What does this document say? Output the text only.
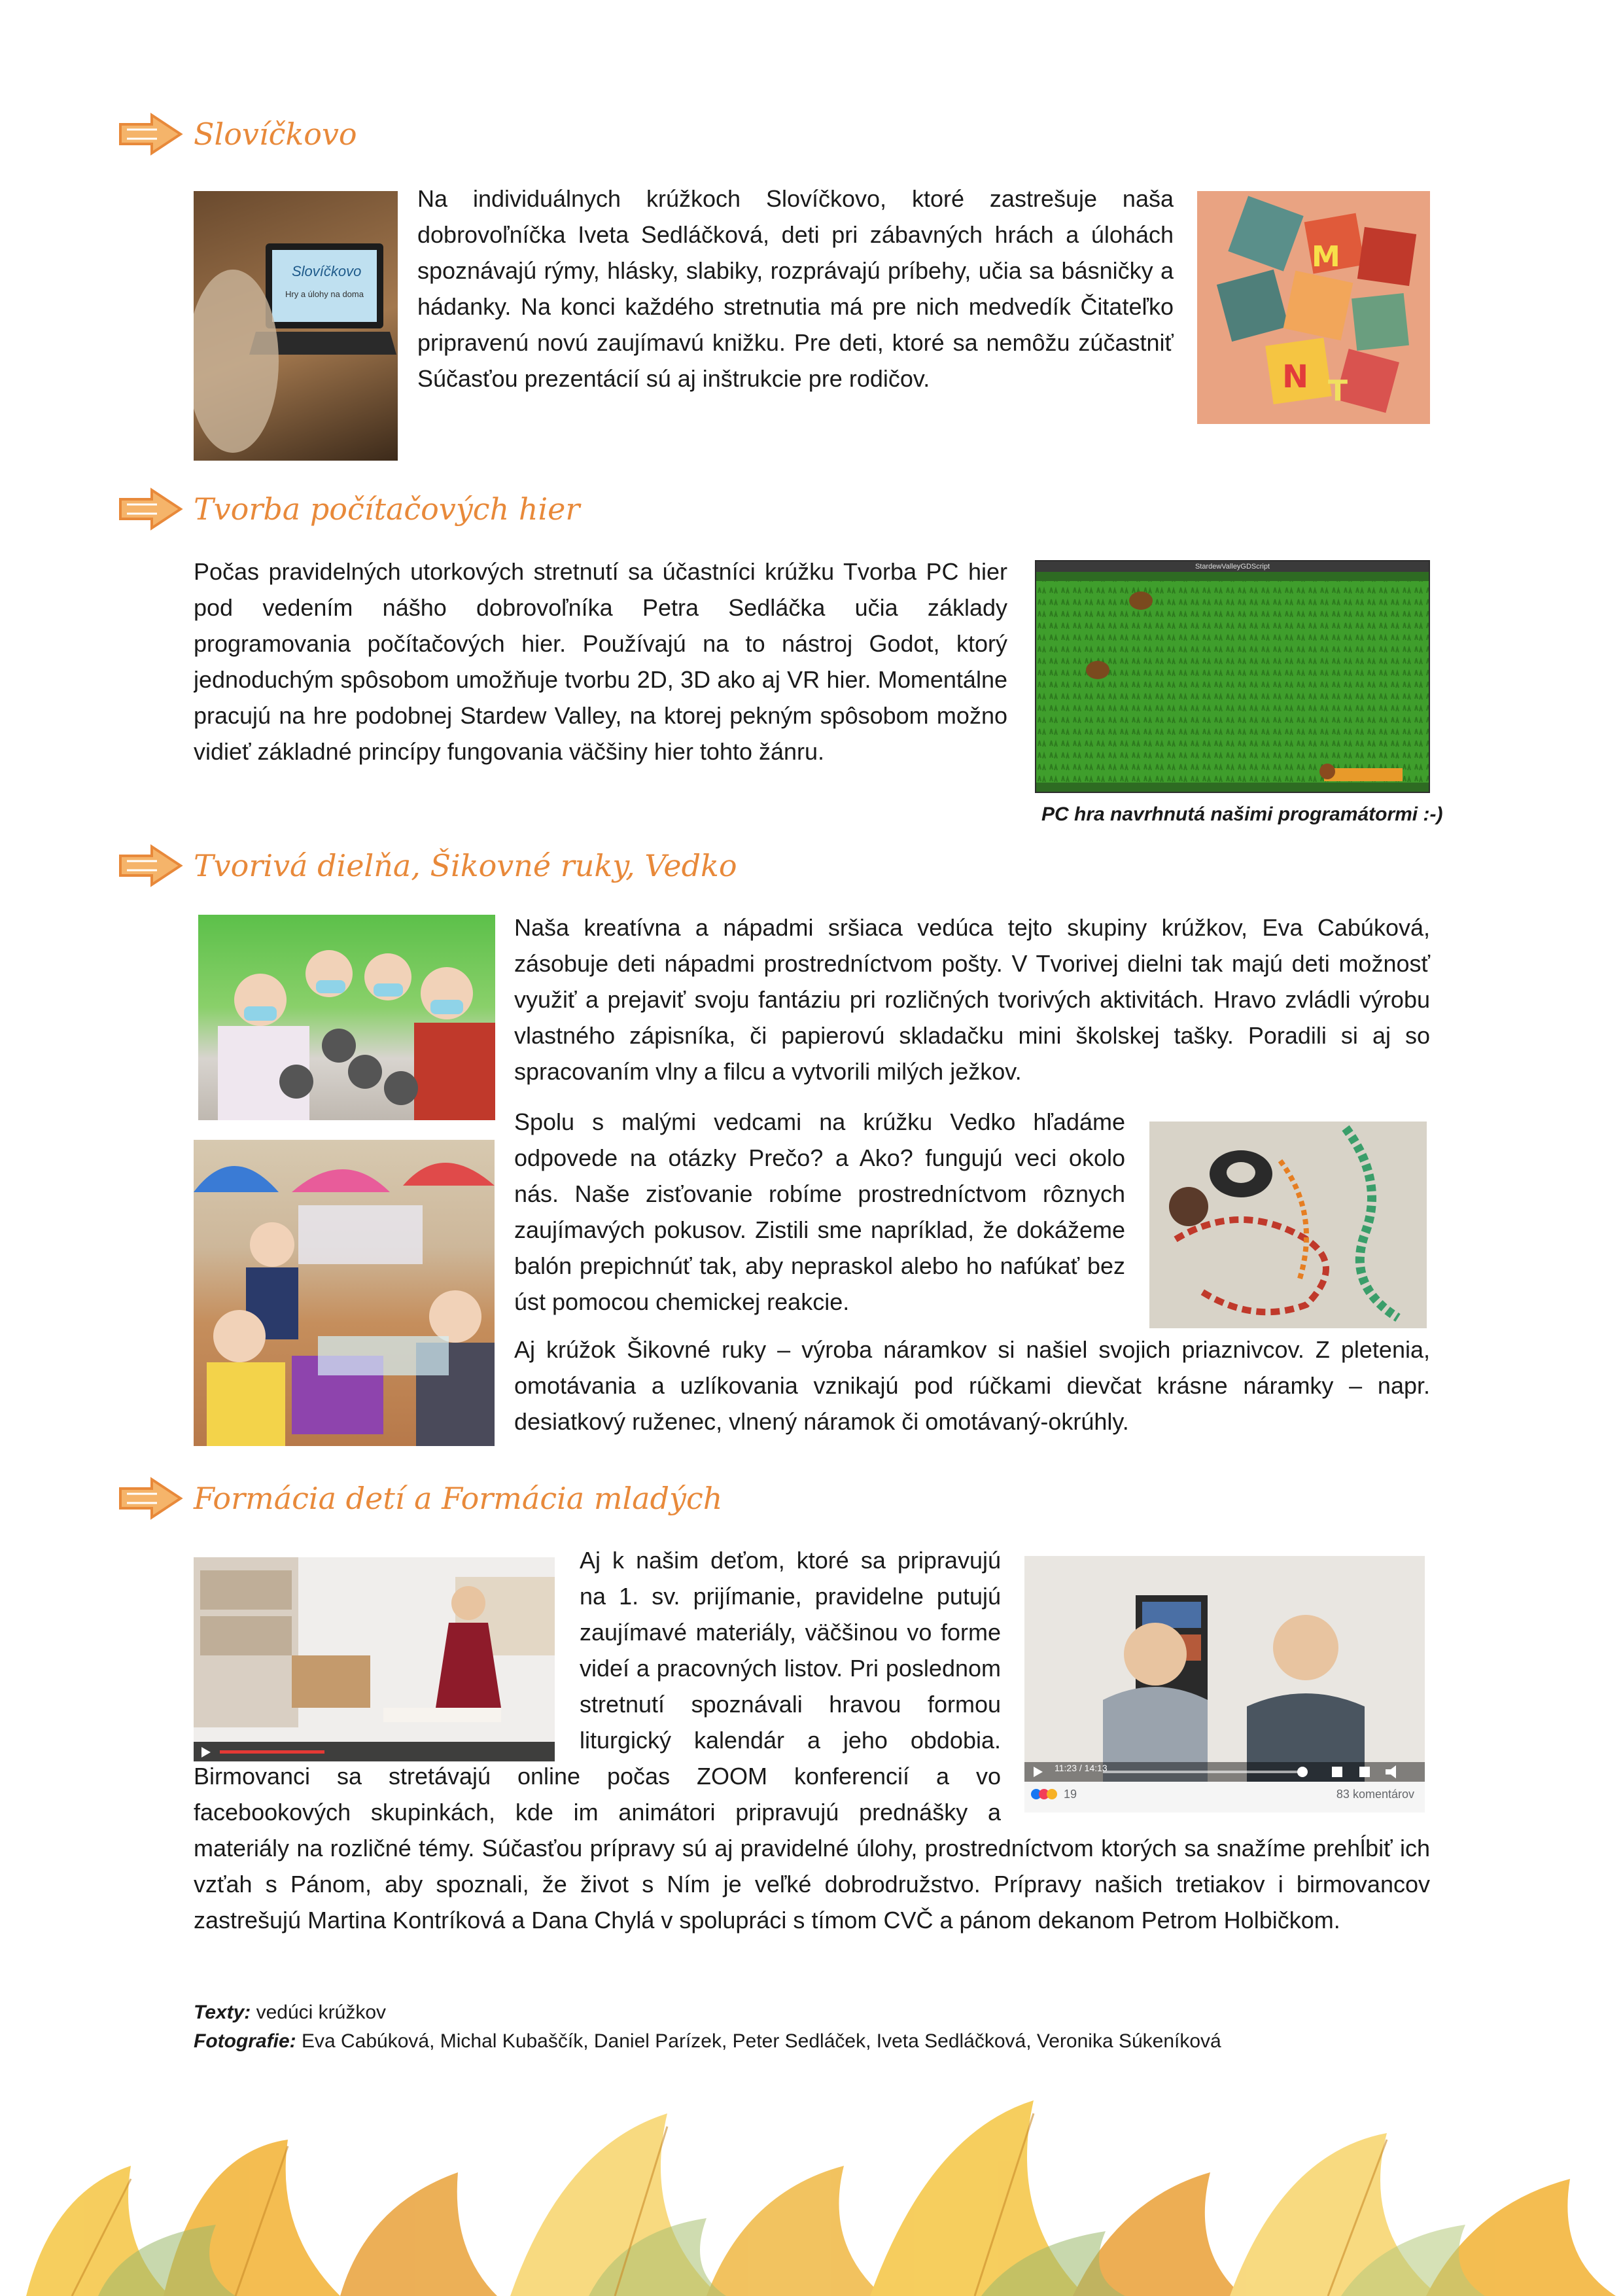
Slovíčkovo
Slovíčkovo
Hry a úlohy na doma
M
N T

Na individuálnych krúžkoch Slovíčkovo, ktoré zastrešuje naša dobrovoľníčka Iveta Sedláčková, deti pri zábavných hrách a úlohách spoznávajú rýmy, hlásky, slabiky, rozprávajú príbehy, učia sa básničky a hádanky. Na konci každého stretnutia má pre nich medvedík Čitateľko pripravenú novú zaujímavú knižku. Pre deti, ktoré sa nemôžu zúčastniť

Súčasťou prezentácií sú aj inštrukcie pre rodičov.

Tvorba počítačových hier

Počas pravidelných utorkových stretnutí sa účastníci krúžku Tvorba PC hier pod vedením nášho dobrovoľníka Petra Sedláčka učia základy programovania počítačových hier. Používajú na to nástroj Godot, ktorý jednoduchým spôsobom umožňuje tvorbu 2D, 3D ako aj VR hier. Momentálne pracujú na hre podobnej Stardew Valley, na ktorej pekným spôsobom možno vidieť základné princípy fungovania väčšiny hier tohto žánru.

StardewValleyGDScript
PC hra navrhnutá našimi programátormi :-)
Tvorivá dielňa, Šikovné ruky, Vedko

Naša kreatívna a nápadmi sršiaca vedúca tejto skupiny krúžkov, Eva Cabúková, zásobuje deti nápadmi prostredníctvom pošty. V Tvorivej dielni tak majú deti možnosť využiť a prejaviť svoju fantáziu pri rozličných tvorivých aktivitách. Hravo zvládli výrobu vlastného zápisníka, či papierovú skladačku mini školskej tašky. Poradili si aj so spracovaním vlny a filcu a vytvorili milých ježkov.

Spolu s malými vedcami na krúžku Vedko hľadáme odpovede na otázky Prečo? a Ako? fungujú veci okolo nás. Naše zisťovanie robíme prostredníctvom rôznych zaujímavých pokusov. Zistili sme napríklad, že dokážeme balón prepichnúť tak, aby nepraskol alebo ho nafúkať bez úst pomocou chemickej reakcie.

Aj krúžok Šikovné ruky – výroba náramkov si našiel svojich priaznivcov. Z pletenia, omotávania a uzlíkovania vznikajú pod rúčkami dievčat krásne náramky – napr. desiatkový ruženec, vlnený náramok či omotávaný-okrúhly.

Formácia detí a Formácia mladých
11:23 / 14:13
19	83 komentárov

Aj k našim deťom, ktoré sa pripravujú na 1. sv. prijímanie, pravidelne putujú zaujímavé materiály, väčšinou vo forme videí a pracovných listov. Pri poslednom stretnutí spoznávali hravou formou liturgický kalendár a jeho obdobia. Birmovanci sa stretávajú online počas ZOOM konferencií a vo facebookových skupinkách, kde im animátori pripravujú prednášky a materiály na rozličné témy. Súčasťou prípravy sú aj pravidelné úlohy, prostredníctvom ktorých sa snažíme prehĺbiť ich vzťah s Pánom, aby spoznali, že život s Ním je veľké dobrodružstvo. Prípravy našich tretiakov i birmovancov zastrešujú Martina Kontríková a Dana Chylá v spolupráci s tímom CVČ a pánom dekanom Petrom Holbičkom.

Texty: vedúci krúžkov
Fotografie: Eva Cabúková, Michal Kubaščík, Daniel Parízek, Peter Sedláček, Iveta Sedláčková, Veronika Súkeníková
